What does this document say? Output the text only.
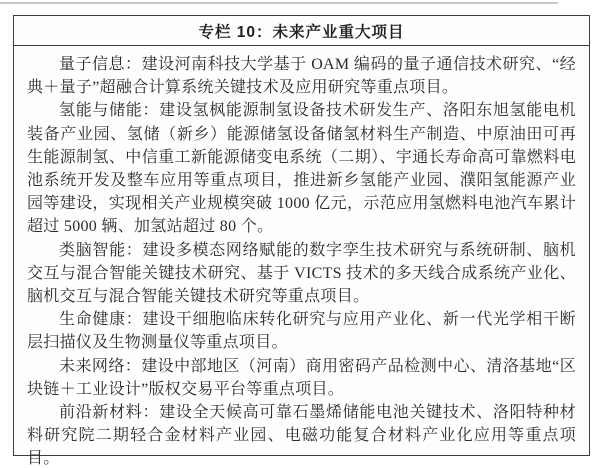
专栏 10：未来产业重大项目

量子信息：建设河南科技大学基于 OAM 编码的量子通信技术研究、“经典＋量子”超融合计算系统关键技术及应用研究等重点项目。

氢能与储能：建设氢枫能源制氢设备技术研发生产、洛阳东旭氢能电机装备产业园、氢储（新乡）能源储氢设备储氢材料生产制造、中原油田可再生能源制氢、中信重工新能源储变电系统（二期）、宇通长寿命高可靠燃料电池系统开发及整车应用等重点项目，推进新乡氢能产业园、濮阳氢能源产业园等建设，实现相关产业规模突破 1000 亿元，示范应用氢燃料电池汽车累计超过 5000 辆、加氢站超过 80 个。

类脑智能：建设多模态网络赋能的数字孪生技术研究与系统研制、脑机交互与混合智能关键技术研究、基于 VICTS 技术的多天线合成系统产业化、脑机交互与混合智能关键技术研究等重点项目。

生命健康：建设干细胞临床转化研究与应用产业化、新一代光学相干断层扫描仪及生物测量仪等重点项目。

未来网络：建设中部地区（河南）商用密码产品检测中心、清洛基地“区块链＋工业设计”版权交易平台等重点项目。

前沿新材料：建设全天候高可靠石墨烯储能电池关键技术、洛阳特种材料研究院二期轻合金材料产业园、电磁功能复合材料产业化应用等重点项目。
